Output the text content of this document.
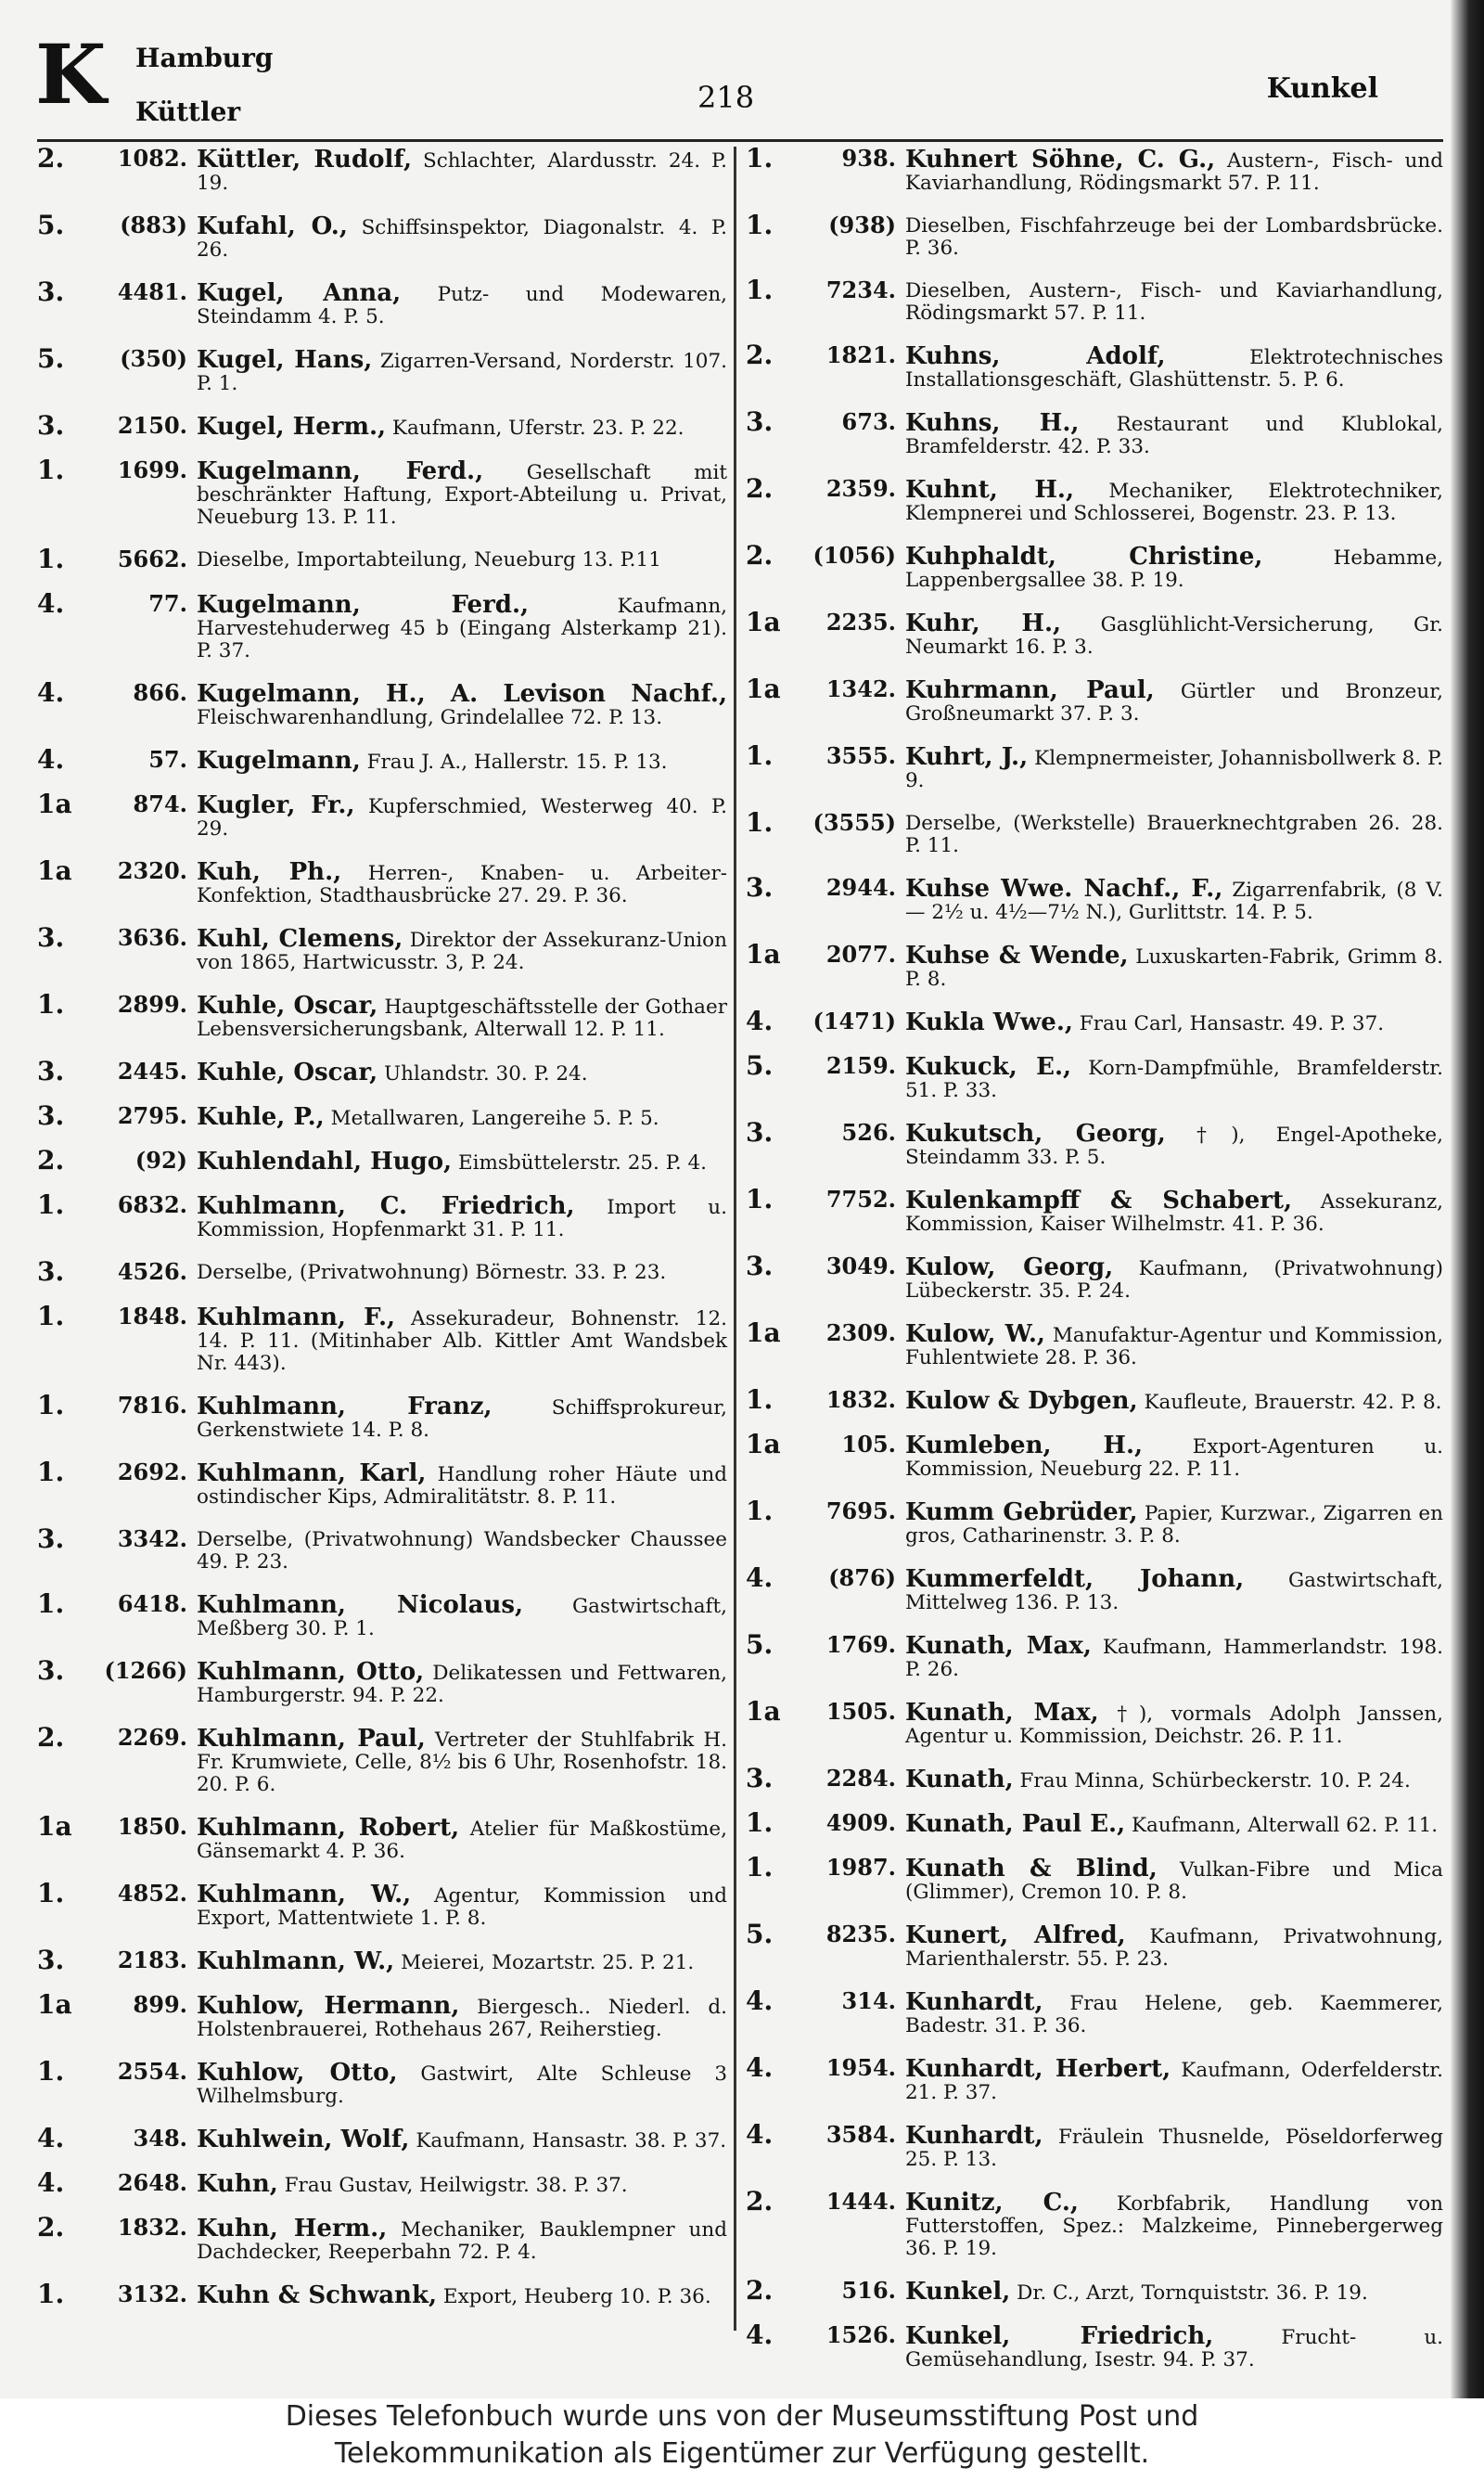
K Hamburg
Küttler	218	Kunkel
2.	1082. Küttler, Rudolf, Schlachter, Alardusstr. 24. P. 19.
5.	(883) Kufahl, O., Schiffsinspektor, Diagonalstr. 4. P. 26.
3.	4481. Kugel, Anna, Putz- und Modewaren, Steindamm 4. P. 5.
5.	(350) Kugel, Hans, Zigarren-Versand, Norderstr. 107. P. 1.
3.	2150. Kugel, Herm., Kaufmann, Uferstr. 23. P. 22.
1.	1699. Kugelmann, Ferd., Gesellschaft mit beschränkter Haftung, Export-Abteilung u. Privat, Neueburg 13. P. 11.
1.	5662. Dieselbe, Importabteilung, Neueburg 13. P.11
4.	77. Kugelmann, Ferd.,	Kaufmann, Harvestehuderweg 45 b (Eingang Alsterkamp 21). P. 37.
4.	866. Kugelmann, H., A. Levison Nachf., Fleischwarenhandlung, Grindelallee 72. P. 13.
4.	57. Kugelmann, Frau J. A., Hallerstr. 15. P. 13.
1a	874. Kugler, Fr., Kupferschmied, Westerweg 40. P. 29.
1a	2320. Kuh, Ph., Herren-, Knaben- u. Arbeiter-Konfektion, Stadthausbrücke 27. 29. P. 36.
3.	3636. Kuhl, Clemens, Direktor der Assekuranz-Union von 1865, Hartwicusstr. 3, P. 24.
1.	2899. Kuhle, Oscar, Hauptgeschäftsstelle der Gothaer Lebensversicherungsbank, Alterwall 12. P. 11.
3.	2445. Kuhle, Oscar, Uhlandstr. 30. P. 24.
3.	2795. Kuhle, P., Metallwaren, Langereihe 5. P. 5.
2.	(92) Kuhlendahl, Hugo, Eimsbüttelerstr. 25. P. 4.
1.	6832. Kuhlmann, C. Friedrich, Import u. Kommission, Hopfenmarkt 31. P. 11.
3.	4526. Derselbe, (Privatwohnung) Börnestr. 33. P. 23.
1.	1848. Kuhlmann, F., Assekuradeur, Bohnenstr. 12. 14. P. 11. (Mitinhaber Alb. Kittler Amt Wandsbek Nr. 443).
1.	7816. Kuhlmann, Franz,	Schiffsprokureur, Gerkenstwiete 14. P. 8.
1.	2692. Kuhlmann, Karl, Handlung roher Häute und ostindischer Kips, Admiralitätstr. 8. P. 11.
3.	3342. Derselbe, (Privatwohnung) Wandsbecker Chaussee 49. P. 23.
1.	6418. Kuhlmann, Nicolaus, Gastwirtschaft, Meßberg 30. P. 1.
3.	(1266) Kuhlmann, Otto, Delikatessen und Fettwaren, Hamburgerstr. 94. P. 22.
2.	2269. Kuhlmann, Paul, Vertreter der Stuhlfabrik H. Fr. Krumwiete, Celle, 8½ bis 6 Uhr, Rosenhofstr. 18. 20. P. 6.
1a	1850. Kuhlmann, Robert, Atelier für Maßkostüme, Gänsemarkt 4. P. 36.
1.	4852. Kuhlmann, W., Agentur, Kommission und Export, Mattentwiete 1. P. 8.
3.	2183. Kuhlmann, W., Meierei, Mozartstr. 25. P. 21.
1a	899. Kuhlow, Hermann, Biergesch.. Niederl. d. Holstenbrauerei, Rothehaus 267, Reiherstieg.
1.	2554. Kuhlow, Otto, Gastwirt, Alte Schleuse 3 Wilhelmsburg.
4.	348. Kuhlwein, Wolf, Kaufmann, Hansastr. 38. P. 37.
4.	2648. Kuhn, Frau Gustav, Heilwigstr. 38. P. 37.
2.	1832. Kuhn, Herm., Mechaniker, Bauklempner und Dachdecker, Reeperbahn 72. P. 4.
1.	3132. Kuhn & Schwank, Export, Heuberg 10. P. 36.
1.	938. Kuhnert Söhne, C. G., Austern-, Fisch- und Kaviarhandlung, Rödingsmarkt 57. P. 11.
1.	(938) Dieselben, Fischfahrzeuge bei der Lombardsbrücke. P. 36.
1.	7234. Dieselben, Austern-, Fisch- und Kaviarhandlung, Rödingsmarkt 57. P. 11.
2.	1821. Kuhns, Adolf,	Elektrotechnisches Installationsgeschäft, Glashüttenstr. 5. P. 6.
3.	673. Kuhns, H., Restaurant und Klublokal, Bramfelderstr. 42. P. 33.
2.	2359. Kuhnt, H., Mechaniker, Elektrotechniker, Klempnerei und Schlosserei, Bogenstr. 23. P. 13.
2.	(1056) Kuhphaldt, Christine,	Hebamme, Lappenbergsallee 38. P. 19.
1a	2235. Kuhr, H., Gasglühlicht-Versicherung, Gr. Neumarkt 16. P. 3.
1a	1342. Kuhrmann, Paul, Gürtler und Bronzeur, Großneumarkt 37. P. 3.
1.	3555. Kuhrt, J., Klempnermeister, Johannisbollwerk 8. P. 9.
1.	(3555) Derselbe, (Werkstelle) Brauerknechtgraben 26. 28. P. 11.
3.	2944. Kuhse Wwe. Nachf., F., Zigarrenfabrik, (8 V.— 2½ u. 4½—7½ N.), Gurlittstr. 14. P. 5.
1a	2077. Kuhse & Wende, Luxuskarten-Fabrik, Grimm 8. P. 8.
4.	(1471) Kukla Wwe., Frau Carl, Hansastr. 49. P. 37.
5.	2159. Kukuck, E., Korn-Dampfmühle, Bramfelderstr. 51. P. 33.
3.	526. Kukutsch, Georg, †), Engel-Apotheke, Steindamm 33. P. 5.
1.	7752. Kulenkampff & Schabert, Assekuranz, Kommission, Kaiser Wilhelmstr. 41. P. 36.
3.	3049. Kulow, Georg, Kaufmann, (Privatwohnung) Lübeckerstr. 35. P. 24.
1a	2309. Kulow, W., Manufaktur-Agentur und Kommission, Fuhlentwiete 28. P. 36.
1.	1832. Kulow & Dybgen, Kaufleute, Brauerstr. 42. P. 8.
1a	105. Kumleben, H., Export-Agenturen u. Kommission, Neueburg 22. P. 11.
1.	7695. Kumm Gebrüder, Papier, Kurzwar., Zigarren en gros, Catharinenstr. 3. P. 8.
4.	(876) Kummerfeldt, Johann, Gastwirtschaft, Mittelweg 136. P. 13.
5.	1769. Kunath, Max, Kaufmann, Hammerlandstr. 198. P. 26.
1a	1505. Kunath, Max, †), vormals Adolph Janssen, Agentur u. Kommission, Deichstr. 26. P. 11.
3.	2284. Kunath, Frau Minna, Schürbeckerstr. 10. P. 24.
1.	4909. Kunath, Paul E., Kaufmann, Alterwall 62. P. 11.
1.	1987. Kunath & Blind, Vulkan-Fibre und Mica (Glimmer), Cremon 10. P. 8.
5.	8235. Kunert, Alfred, Kaufmann, Privatwohnung, Marienthalerstr. 55. P. 23.
4.	314. Kunhardt, Frau Helene, geb. Kaemmerer, Badestr. 31. P. 36.
4.	1954. Kunhardt, Herbert, Kaufmann, Oderfelderstr. 21. P. 37.
4.	3584. Kunhardt, Fräulein Thusnelde, Pöseldorferweg 25. P. 13.
2.	1444. Kunitz, C., Korbfabrik, Handlung von Futterstoffen, Spez.: Malzkeime, Pinnebergerweg 36. P. 19.
2.	516. Kunkel, Dr. C., Arzt, Tornquiststr. 36. P. 19.
4.	1526. Kunkel, Friedrich,	Frucht- u. Gemüsehandlung, Isestr. 94. P. 37.
Dieses Telefonbuch wurde uns von der Museumsstiftung Post und
Telekommunikation als Eigentümer zur Verfügung gestellt.
